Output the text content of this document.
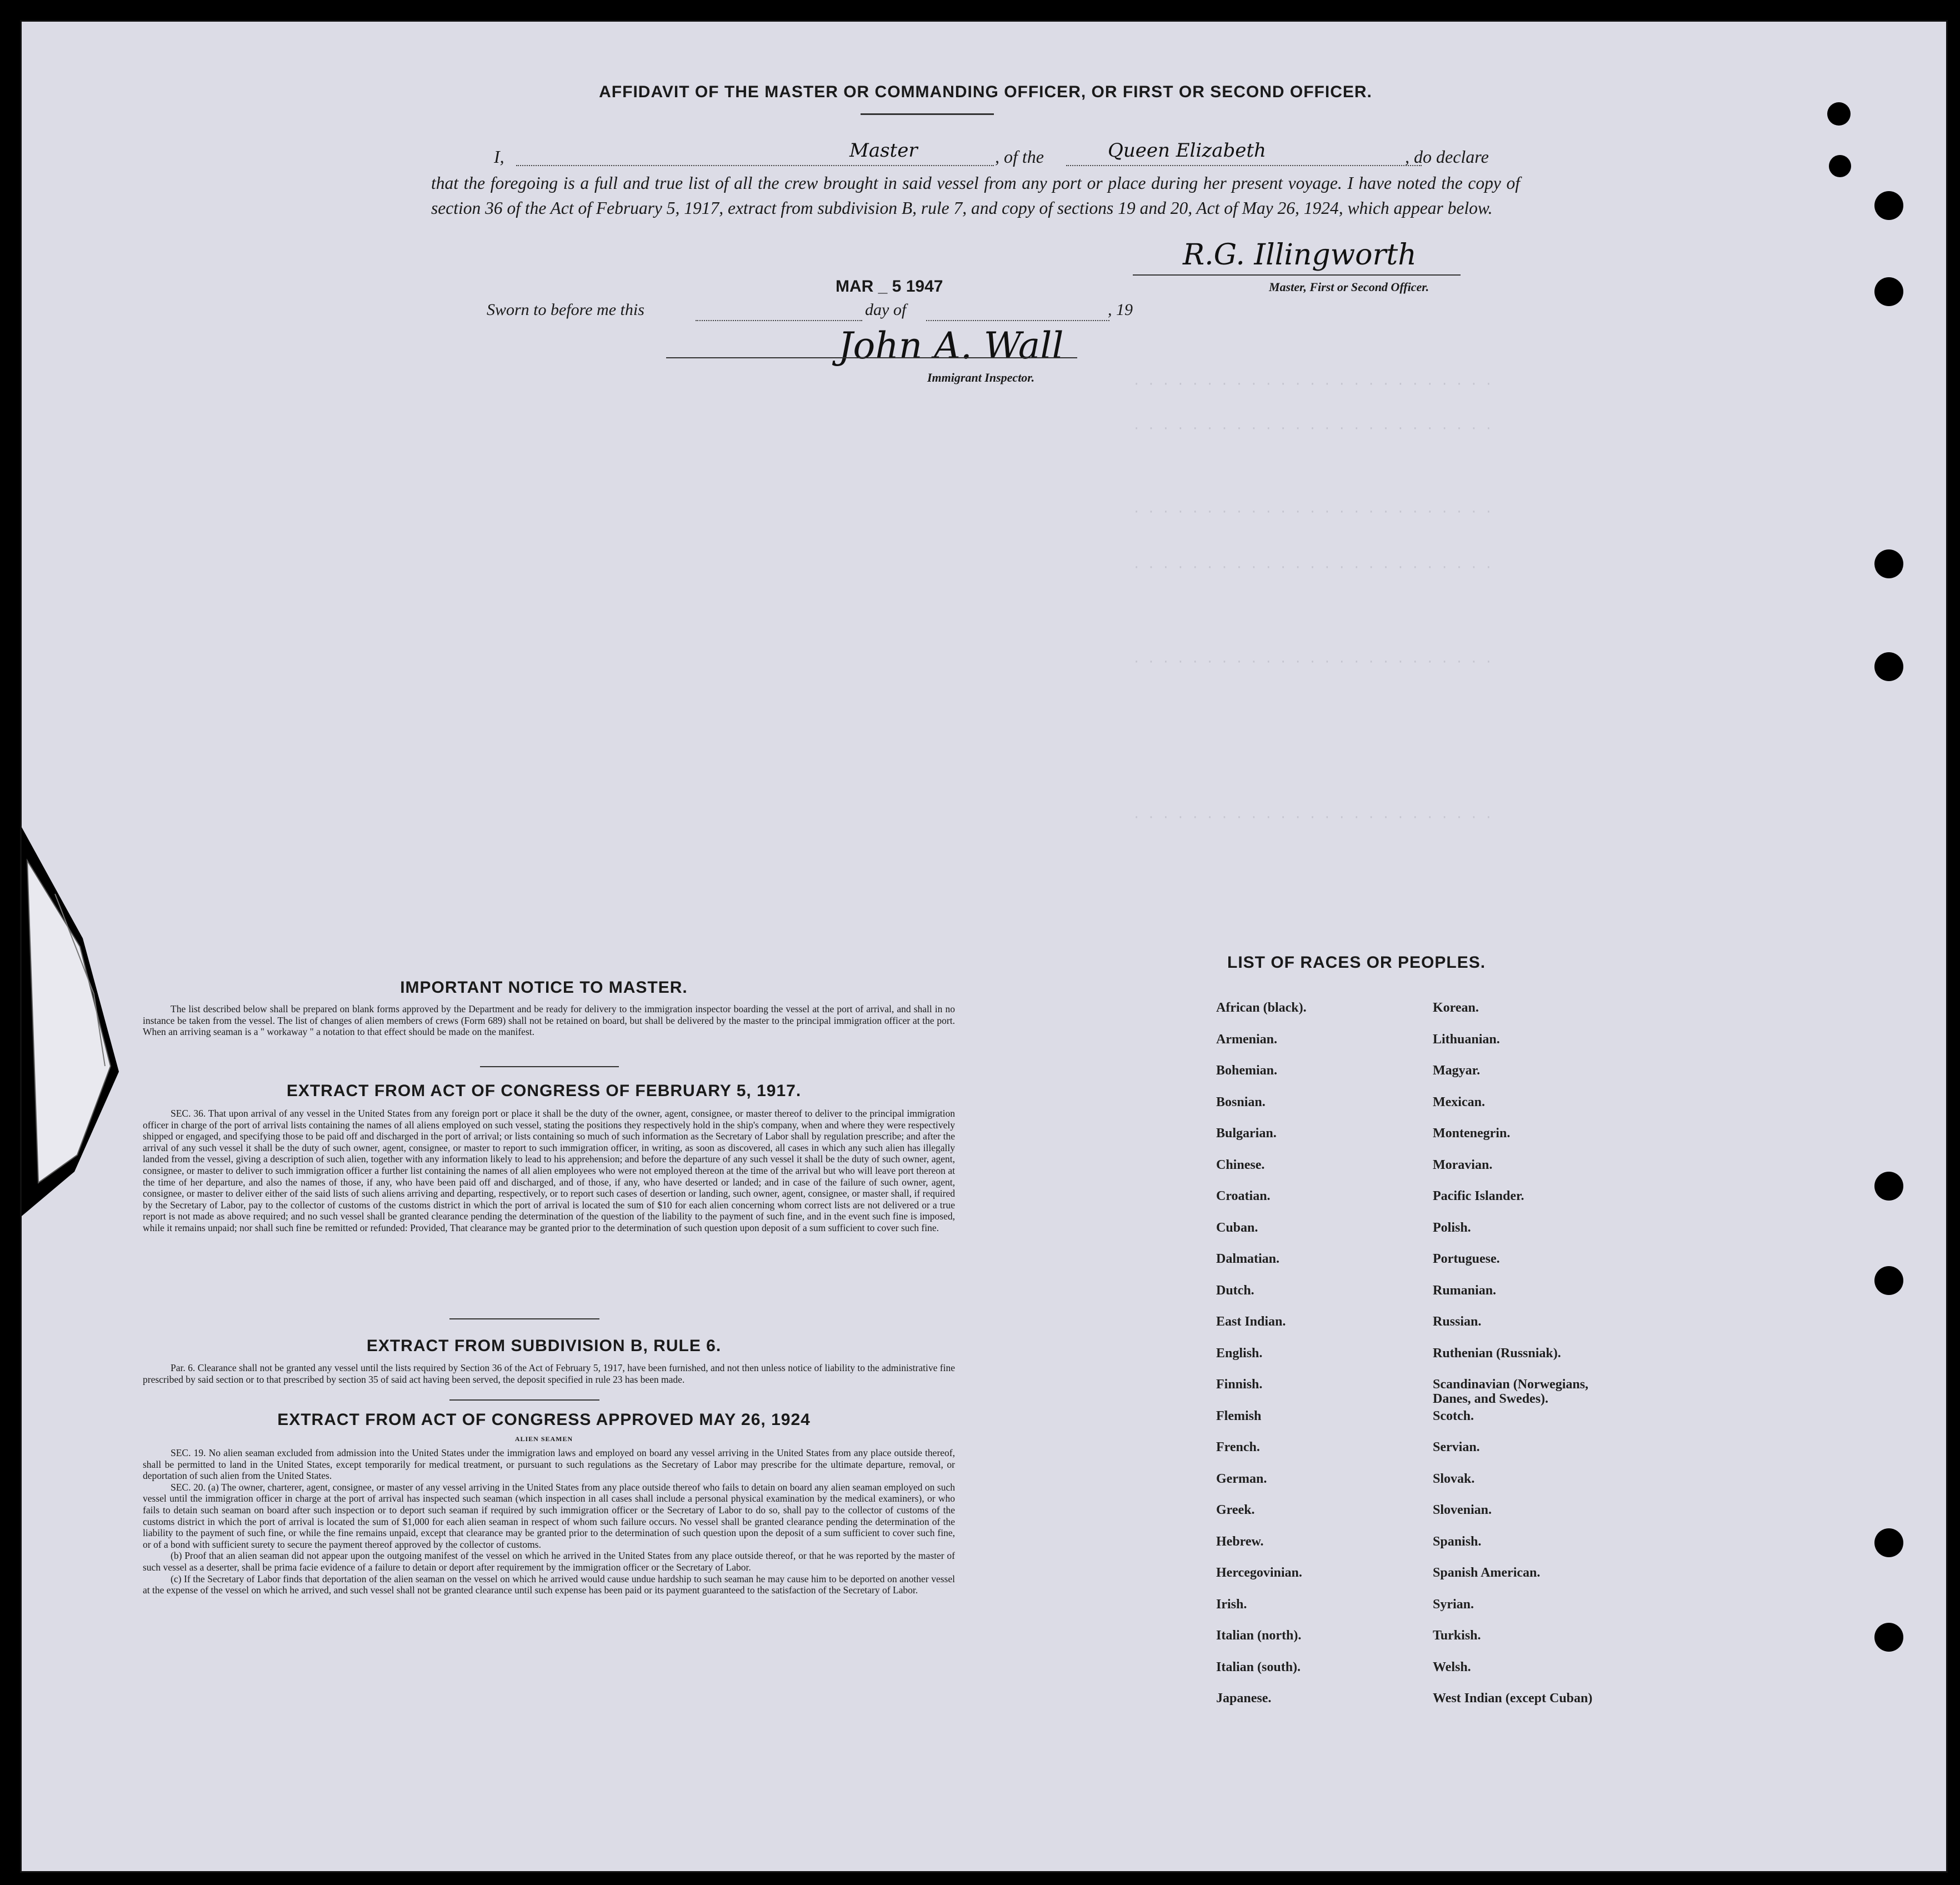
· · · · · · · · · · · · · · · · · · · · · · · · ·
· · · · · · · · · · · · · · · · · · · · · · · · ·
· · · · · · · · · · · · · · · · · · · · · · · · ·
· · · · · · · · · · · · · · · · · · · · · · · · ·
· · · · · · · · · · · · · · · · · · · · · · · · ·
· · · · · · · · · · · · · · · · · · · · · · · · ·
AFFIDAVIT OF THE MASTER OR COMMANDING OFFICER, OR FIRST OR SECOND OFFICER.
I,	Master	, of the	Queen Elizabeth	, do declare
that the foregoing is a full and true list of all the crew brought in said vessel from any port or place during her present voyage. I have noted the copy of section 36 of the Act of February 5, 1917, extract from subdivision B, rule 7, and copy of sections 19 and 20, Act of May 26, 1924, which appear below.
R.G. Illingworth
Master, First or Second Officer.
MAR _ 5 1947
Sworn to before me this	day of	, 19
John A. Wall
Immigrant Inspector.
IMPORTANT NOTICE TO MASTER.

The list described below shall be prepared on blank forms approved by the Department and be ready for delivery to the immigration inspector boarding the vessel at the port of arrival, and shall in no instance be taken from the vessel. The list of changes of alien members of crews (Form 689) shall not be retained on board, but shall be delivered by the master to the principal immigration officer at the port. When an arriving seaman is a " workaway " a notation to that effect should be made on the manifest.

EXTRACT FROM ACT OF CONGRESS OF FEBRUARY 5, 1917.

SEC. 36. That upon arrival of any vessel in the United States from any foreign port or place it shall be the duty of the owner, agent, consignee, or master thereof to deliver to the principal immigration officer in charge of the port of arrival lists containing the names of all aliens employed on such vessel, stating the positions they respectively hold in the ship's company, when and where they were respectively shipped or engaged, and specifying those to be paid off and discharged in the port of arrival; or lists containing so much of such information as the Secretary of Labor shall by regulation prescribe; and after the arrival of any such vessel it shall be the duty of such owner, agent, consignee, or master to report to such immigration officer, in writing, as soon as discovered, all cases in which any such alien has illegally landed from the vessel, giving a description of such alien, together with any information likely to lead to his apprehension; and before the departure of any such vessel it shall be the duty of such owner, agent, consignee, or master to deliver to such immigration officer a further list containing the names of all alien employees who were not employed thereon at the time of the arrival but who will leave port thereon at the time of her departure, and also the names of those, if any, who have been paid off and discharged, and of those, if any, who have deserted or landed; and in case of the failure of such owner, agent, consignee, or master to deliver either of the said lists of such aliens arriving and departing, respectively, or to report such cases of desertion or landing, such owner, agent, consignee, or master shall, if required by the Secretary of Labor, pay to the collector of customs of the customs district in which the port of arrival is located the sum of $10 for each alien concerning whom correct lists are not delivered or a true report is not made as above required; and no such vessel shall be granted clearance pending the determination of the question of the liability to the payment of such fine, and in the event such fine is imposed, while it remains unpaid; nor shall such fine be remitted or refunded: Provided, That clearance may be granted prior to the determination of such question upon deposit of a sum sufficient to cover such fine.

EXTRACT FROM SUBDIVISION B, RULE 6.

Par. 6. Clearance shall not be granted any vessel until the lists required by Section 36 of the Act of February 5, 1917, have been furnished, and not then unless notice of liability to the administrative fine prescribed by said section or to that prescribed by section 35 of said act having been served, the deposit specified in rule 23 has been made.

EXTRACT FROM ACT OF CONGRESS APPROVED MAY 26, 1924
ALIEN SEAMEN

SEC. 19. No alien seaman excluded from admission into the United States under the immigration laws and employed on board any vessel arriving in the United States from any place outside thereof, shall be permitted to land in the United States, except temporarily for medical treatment, or pursuant to such regulations as the Secretary of Labor may prescribe for the ultimate departure, removal, or deportation of such alien from the United States.

SEC. 20. (a) The owner, charterer, agent, consignee, or master of any vessel arriving in the United States from any place outside thereof who fails to detain on board any alien seaman employed on such vessel until the immigration officer in charge at the port of arrival has inspected such seaman (which inspection in all cases shall include a personal physical examination by the medical examiners), or who fails to detain such seaman on board after such inspection or to deport such seaman if required by such immigration officer or the Secretary of Labor to do so, shall pay to the collector of customs of the customs district in which the port of arrival is located the sum of $1,000 for each alien seaman in respect of whom such failure occurs. No vessel shall be granted clearance pending the determination of the liability to the payment of such fine, or while the fine remains unpaid, except that clearance may be granted prior to the determination of such question upon the deposit of a sum sufficient to cover such fine, or of a bond with sufficient surety to secure the payment thereof approved by the collector of customs.

(b) Proof that an alien seaman did not appear upon the outgoing manifest of the vessel on which he arrived in the United States from any place outside thereof, or that he was reported by the master of such vessel as a deserter, shall be prima facie evidence of a failure to detain or deport after requirement by the immigration officer or the Secretary of Labor.

(c) If the Secretary of Labor finds that deportation of the alien seaman on the vessel on which he arrived would cause undue hardship to such seaman he may cause him to be deported on another vessel at the expense of the vessel on which he arrived, and such vessel shall not be granted clearance until such expense has been paid or its payment guaranteed to the satisfaction of the Secretary of Labor.

LIST OF RACES OR PEOPLES.
African (black).
Armenian.
Bohemian.
Bosnian.
Bulgarian.
Chinese.
Croatian.
Cuban.
Dalmatian.
Dutch.
East Indian.
English.
Finnish.
Flemish
French.
German.
Greek.
Hebrew.
Hercegovinian.
Irish.
Italian (north).
Italian (south).
Japanese.
Korean.
Lithuanian.
Magyar.
Mexican.
Montenegrin.
Moravian.
Pacific Islander.
Polish.
Portuguese.
Rumanian.
Russian.
Ruthenian (Russniak).
Scandinavian (Norwegians, Danes, and Swedes).
Scotch.
Servian.
Slovak.
Slovenian.
Spanish.
Spanish American.
Syrian.
Turkish.
Welsh.
West Indian (except Cuban)
